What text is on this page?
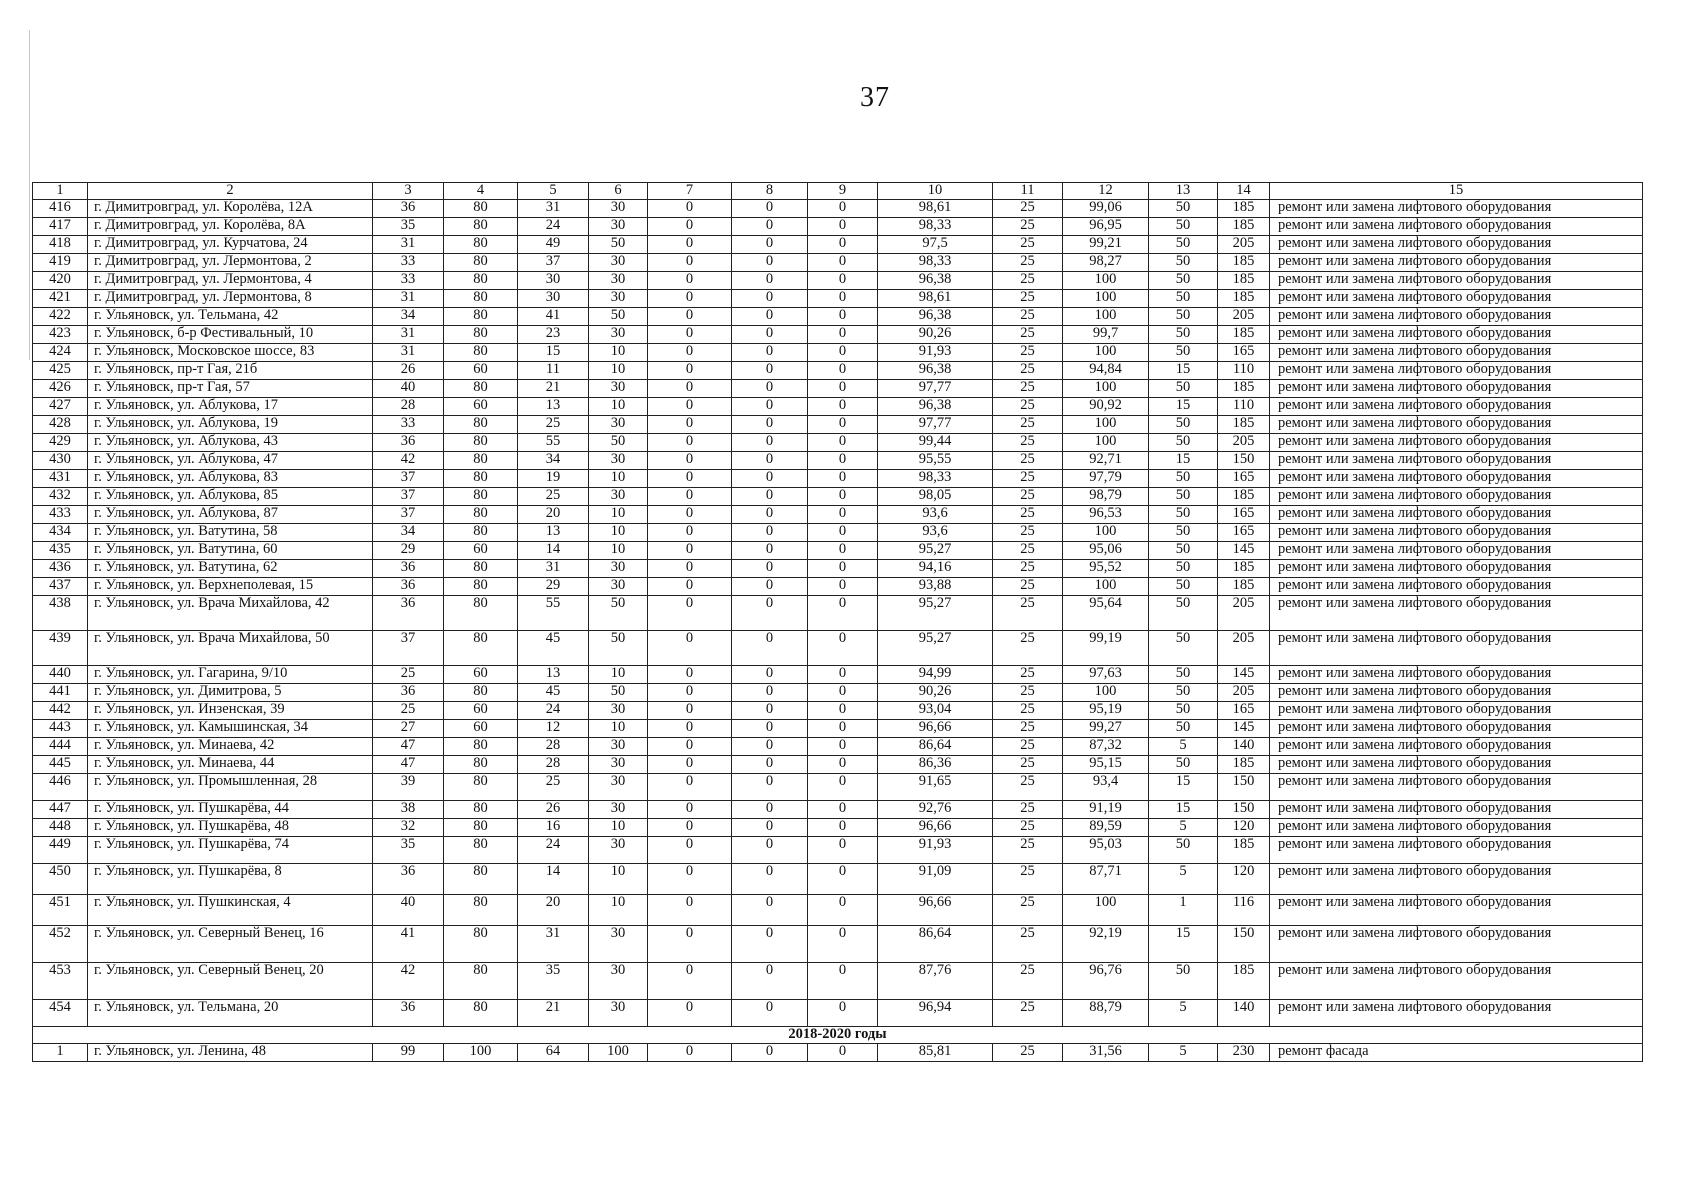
37
1	2	3	4	5	6	7	8	9	10	11	12	13	14	15
416	г. Димитровград, ул. Королёва, 12А	36	80	31	30	0	0	0	98,61	25	99,06	50	185	ремонт или замена лифтового оборудования
417	г. Димитровград, ул. Королёва, 8А	35	80	24	30	0	0	0	98,33	25	96,95	50	185	ремонт или замена лифтового оборудования
418	г. Димитровград, ул. Курчатова, 24	31	80	49	50	0	0	0	97,5	25	99,21	50	205	ремонт или замена лифтового оборудования
419	г. Димитровград, ул. Лермонтова, 2	33	80	37	30	0	0	0	98,33	25	98,27	50	185	ремонт или замена лифтового оборудования
420	г. Димитровград, ул. Лермонтова, 4	33	80	30	30	0	0	0	96,38	25	100	50	185	ремонт или замена лифтового оборудования
421	г. Димитровград, ул. Лермонтова, 8	31	80	30	30	0	0	0	98,61	25	100	50	185	ремонт или замена лифтового оборудования
422	г. Ульяновск, ул. Тельмана, 42	34	80	41	50	0	0	0	96,38	25	100	50	205	ремонт или замена лифтового оборудования
423	г. Ульяновск, б-р Фестивальный, 10	31	80	23	30	0	0	0	90,26	25	99,7	50	185	ремонт или замена лифтового оборудования
424	г. Ульяновск, Московское шоссе, 83	31	80	15	10	0	0	0	91,93	25	100	50	165	ремонт или замена лифтового оборудования
425	г. Ульяновск, пр-т Гая, 21б	26	60	11	10	0	0	0	96,38	25	94,84	15	110	ремонт или замена лифтового оборудования
426	г. Ульяновск, пр-т Гая, 57	40	80	21	30	0	0	0	97,77	25	100	50	185	ремонт или замена лифтового оборудования
427	г. Ульяновск, ул. Аблукова, 17	28	60	13	10	0	0	0	96,38	25	90,92	15	110	ремонт или замена лифтового оборудования
428	г. Ульяновск, ул. Аблукова, 19	33	80	25	30	0	0	0	97,77	25	100	50	185	ремонт или замена лифтового оборудования
429	г. Ульяновск, ул. Аблукова, 43	36	80	55	50	0	0	0	99,44	25	100	50	205	ремонт или замена лифтового оборудования
430	г. Ульяновск, ул. Аблукова, 47	42	80	34	30	0	0	0	95,55	25	92,71	15	150	ремонт или замена лифтового оборудования
431	г. Ульяновск, ул. Аблукова, 83	37	80	19	10	0	0	0	98,33	25	97,79	50	165	ремонт или замена лифтового оборудования
432	г. Ульяновск, ул. Аблукова, 85	37	80	25	30	0	0	0	98,05	25	98,79	50	185	ремонт или замена лифтового оборудования
433	г. Ульяновск, ул. Аблукова, 87	37	80	20	10	0	0	0	93,6	25	96,53	50	165	ремонт или замена лифтового оборудования
434	г. Ульяновск, ул. Ватутина, 58	34	80	13	10	0	0	0	93,6	25	100	50	165	ремонт или замена лифтового оборудования
435	г. Ульяновск, ул. Ватутина, 60	29	60	14	10	0	0	0	95,27	25	95,06	50	145	ремонт или замена лифтового оборудования
436	г. Ульяновск, ул. Ватутина, 62	36	80	31	30	0	0	0	94,16	25	95,52	50	185	ремонт или замена лифтового оборудования
437	г. Ульяновск, ул. Верхнеполевая, 15	36	80	29	30	0	0	0	93,88	25	100	50	185	ремонт или замена лифтового оборудования
438	г. Ульяновск, ул. Врача Михайлова, 42	36	80	55	50	0	0	0	95,27	25	95,64	50	205	ремонт или замена лифтового оборудования
439	г. Ульяновск, ул. Врача Михайлова, 50	37	80	45	50	0	0	0	95,27	25	99,19	50	205	ремонт или замена лифтового оборудования
440	г. Ульяновск, ул. Гагарина, 9/10	25	60	13	10	0	0	0	94,99	25	97,63	50	145	ремонт или замена лифтового оборудования
441	г. Ульяновск, ул. Димитрова, 5	36	80	45	50	0	0	0	90,26	25	100	50	205	ремонт или замена лифтового оборудования
442	г. Ульяновск, ул. Инзенская, 39	25	60	24	30	0	0	0	93,04	25	95,19	50	165	ремонт или замена лифтового оборудования
443	г. Ульяновск, ул. Камышинская, 34	27	60	12	10	0	0	0	96,66	25	99,27	50	145	ремонт или замена лифтового оборудования
444	г. Ульяновск, ул. Минаева, 42	47	80	28	30	0	0	0	86,64	25	87,32	5	140	ремонт или замена лифтового оборудования
445	г. Ульяновск, ул. Минаева, 44	47	80	28	30	0	0	0	86,36	25	95,15	50	185	ремонт или замена лифтового оборудования
446	г. Ульяновск, ул. Промышленная, 28	39	80	25	30	0	0	0	91,65	25	93,4	15	150	ремонт или замена лифтового оборудования
447	г. Ульяновск, ул. Пушкарёва, 44	38	80	26	30	0	0	0	92,76	25	91,19	15	150	ремонт или замена лифтового оборудования
448	г. Ульяновск, ул. Пушкарёва, 48	32	80	16	10	0	0	0	96,66	25	89,59	5	120	ремонт или замена лифтового оборудования
449	г. Ульяновск, ул. Пушкарёва, 74	35	80	24	30	0	0	0	91,93	25	95,03	50	185	ремонт или замена лифтового оборудования
450	г. Ульяновск, ул. Пушкарёва, 8	36	80	14	10	0	0	0	91,09	25	87,71	5	120	ремонт или замена лифтового оборудования
451	г. Ульяновск, ул. Пушкинская, 4	40	80	20	10	0	0	0	96,66	25	100	1	116	ремонт или замена лифтового оборудования
452	г. Ульяновск, ул. Северный Венец, 16	41	80	31	30	0	0	0	86,64	25	92,19	15	150	ремонт или замена лифтового оборудования
453	г. Ульяновск, ул. Северный Венец, 20	42	80	35	30	0	0	0	87,76	25	96,76	50	185	ремонт или замена лифтового оборудования
454	г. Ульяновск, ул. Тельмана, 20	36	80	21	30	0	0	0	96,94	25	88,79	5	140	ремонт или замена лифтового оборудования
2018-2020 годы														
1	г. Ульяновск, ул. Ленина, 48	99	100	64	100	0	0	0	85,81	25	31,56	5	230	ремонт фасада
